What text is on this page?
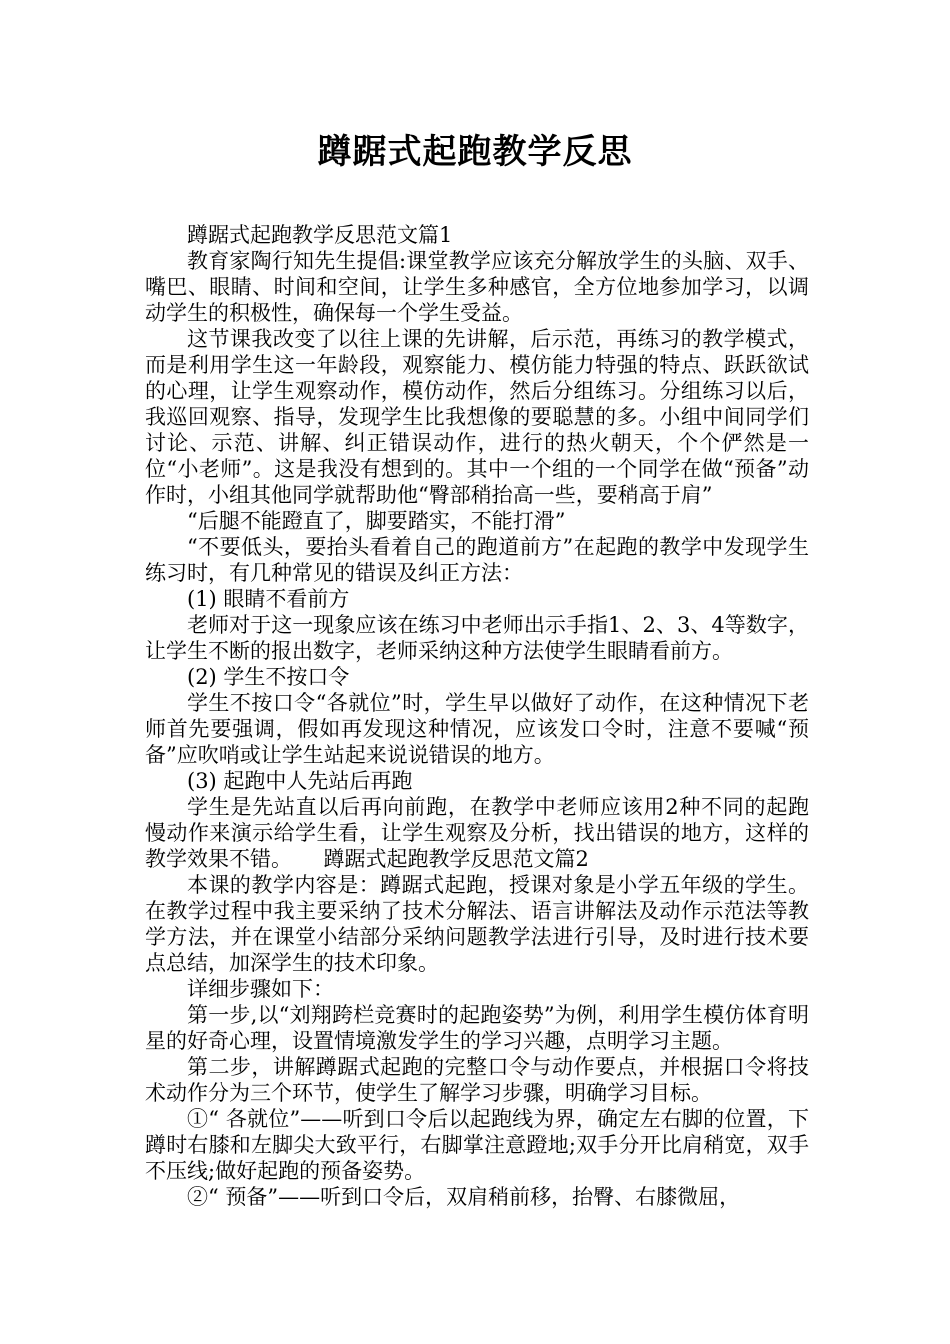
蹲踞式起跑教学反思

蹲踞式起跑教学反思范文篇1

教育家陶行知先生提倡:课堂教学应该充分解放学生的头脑、双手、嘴巴、眼睛、时间和空间，让学生多种感官，全方位地参加学习，以调动学生的积极性，确保每一个学生受益。

这节课我改变了以往上课的先讲解，后示范，再练习的教学模式，而是利用学生这一年龄段，观察能力、模仿能力特强的特点、跃跃欲试的心理，让学生观察动作，模仿动作，然后分组练习。分组练习以后，我巡回观察、指导，发现学生比我想像的要聪慧的多。小组中间同学们讨论、示范、讲解、纠正错误动作，进行的热火朝天，个个俨然是一位“小老师”。这是我没有想到的。其中一个组的一个同学在做“预备”动作时，小组其他同学就帮助他“臀部稍抬高一些，要稍高于肩”

“后腿不能蹬直了，脚要踏实，不能打滑”

“不要低头，要抬头看着自己的跑道前方”在起跑的教学中发现学生练习时，有几种常见的错误及纠正方法：

(1) 眼睛不看前方

老师对于这一现象应该在练习中老师出示手指1、2、3、4等数字，让学生不断的报出数字，老师采纳这种方法使学生眼睛看前方。

(2) 学生不按口令

学生不按口令“各就位”时，学生早以做好了动作，在这种情况下老师首先要强调，假如再发现这种情况，应该发口令时，注意不要喊“预备”应吹哨或让学生站起来说说错误的地方。

(3) 起跑中人先站后再跑

学生是先站直以后再向前跑，在教学中老师应该用2种不同的起跑慢动作来演示给学生看，让学生观察及分析，找出错误的地方，这样的教学效果不错。　　蹲踞式起跑教学反思范文篇2

本课的教学内容是：蹲踞式起跑，授课对象是小学五年级的学生。在教学过程中我主要采纳了技术分解法、语言讲解法及动作示范法等教学方法，并在课堂小结部分采纳问题教学法进行引导，及时进行技术要点总结，加深学生的技术印象。

详细步骤如下：

第一步,以“刘翔跨栏竞赛时的起跑姿势”为例，利用学生模仿体育明星的好奇心理，设置情境激发学生的学习兴趣，点明学习主题。

第二步，讲解蹲踞式起跑的完整口令与动作要点，并根据口令将技术动作分为三个环节，使学生了解学习步骤，明确学习目标。

①“ 各就位”——听到口令后以起跑线为界，确定左右脚的位置，下蹲时右膝和左脚尖大致平行，右脚掌注意蹬地;双手分开比肩稍宽，双手不压线;做好起跑的预备姿势。

②“ 预备”——听到口令后，双肩稍前移，抬臀、右膝微屈，
